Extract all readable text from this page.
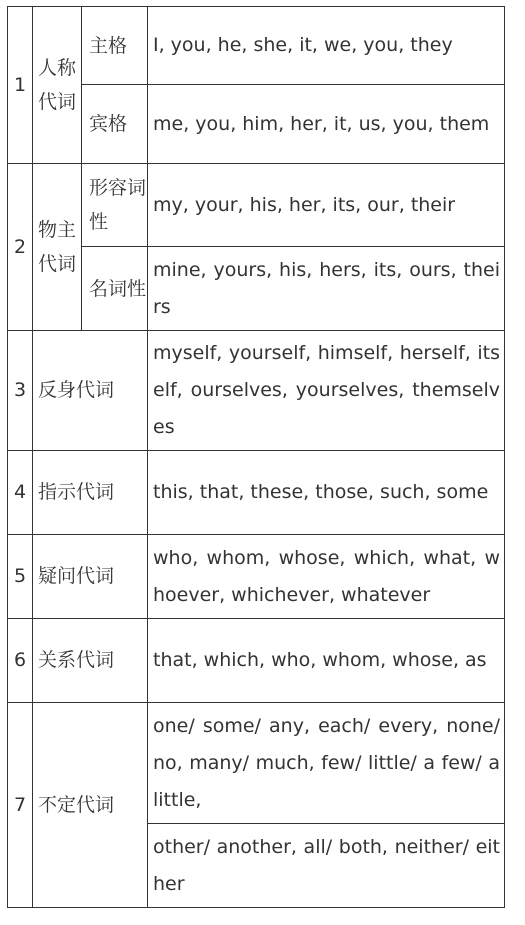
1	人称代词	主格	I, you, he, she, it, we, you, they
		宾格	me, you, him, her, it, us, you, them
2	物主代词	形容词性	my, your, his, her, its, our, their
		名词性	mine, yours, his, hers, its, ours, theirs
3	反身代词		myself, yourself, himself, herself, itself, ourselves, yourselves, themselves
4	指示代词		this, that, these, those, such, some
5	疑问代词		who, whom, whose, which, what, whoever, whichever, whatever
6	关系代词		that, which, who, whom, whose, as
7	不定代词		one/ some/ any, each/ every, none/ no, many/ much, few/ little/ a few/ a little,
			other/ another, all/ both, neither/ either
